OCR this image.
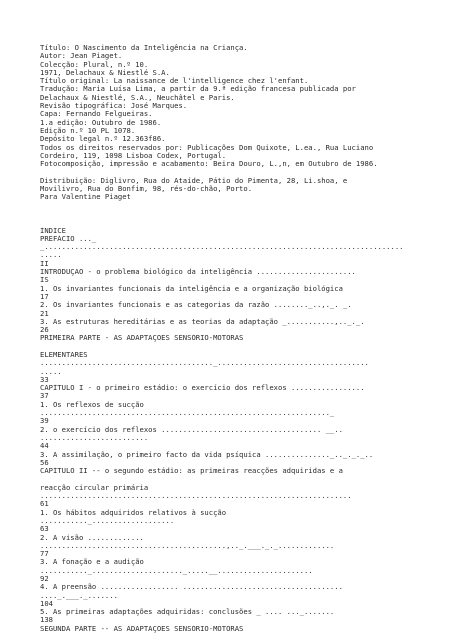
Título: O Nascimento da Inteligência na Criança.
Autor: Jean Piaget.
Colecção: Plural, n.º 10.
1971, Delachaux & Niestlé S.A.
Título original: La naissance de l'intelligence chez l'enfant.
Tradução: Maria Luísa Lima, a partir da 9.ª edição francesa publicada por
Delachaux & Niestlé, S.A., Neuchâtel e Paris.
Revisão tipográfica: José Marques.
Capa: Fernando Felgueiras.
1.a edição: Outubro de 1986.
Edição n.º 10 PL 1078.
Depósito legal n.º 12.363f86.
Todos os direitos reservados por: Publicações Dom Quixote, L.ea., Rua Luciano
Cordeiro, 119, 1098 Lisboa Codex, Portugal.
Fotocomposição, impressão e acabamento: Beira Douro, L.,n, em Outubro de 1986.
Distribuição: Diglivro, Rua do Ataíde, Pátio do Pimenta, 28, Li.shoa, e
Movilivro, Rua do Bonfim, 98, rés-do-chão, Porto.
Para Valentine Piaget
ÍNDICE
PREFÁCIO ..._
_...................................................................................
.....
II
INTRODUÇÃO - o problema biológico da inteligência .......................
IS
1. Os invariantes funcionais da inteligência e a organização biológica
17
2. Os invariantes funcionais e as categorias da razão ........_..,._. _.
21
3. As estruturas hereditárias e as teorias da adaptação _...........,.._._.
26
PRIMEIRA PARTE - AS ADAPTAÇÕES SENSÓRIO-MOTORAS
ELEMENTARES
........................................_...................................
.....
33
CAPÍTULO I - o primeiro estádio: o exercício dos reflexos .................
37
1. Os reflexos de sucção
..................................................................._
39
2. o exercício dos reflexos ..................................... __..
.........................
44
3. A assimilação, o primeiro facto da vida psíquica ..............._.._._._..
56
CAPÍTULO II -- o segundo estádio: as primeiras reacções adquiridas e a
reacção circular primária
........................................................................
61
1. Os hábitos adquiridos relativos à sucção
..........._...................
63
2. A visão .............
...........................................,.._.___._._.............
77
3. A fonação e a audição
..........._....................._.....__......................
92
4. A preensão .................. .....................................
...._.___._.......
104
5. As primeiras adaptações adquiridas: conclusões _ .... ..._.......
138
SEGUNDA PARTE -- AS ADAPTAÇÕES SENSÓRIO-MOTORAS
